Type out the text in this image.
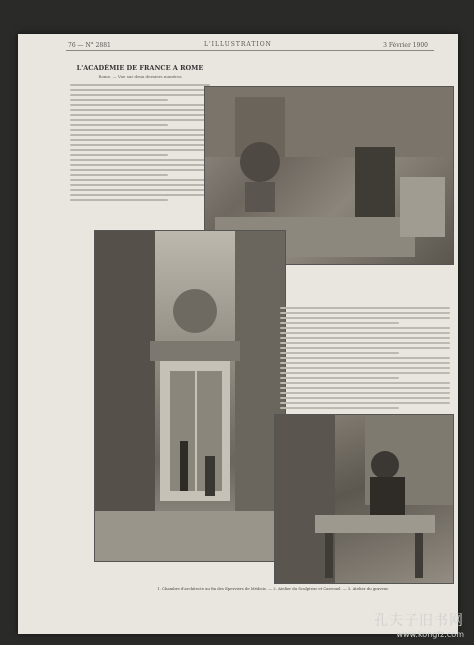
76 — N° 2881	L'ILLUSTRATION	3 Février 1900
L'ACADÉMIE DE FRANCE A ROME
Rome. — Vue sur deux derniers numéros
1. Chambre d'architecte au fin des Eperviers de Médicis. — 2. Atelier du Sculpteur et Carrouel. — 3. Atelier du graveur.
孔夫子旧书网
www.kongfz.com
